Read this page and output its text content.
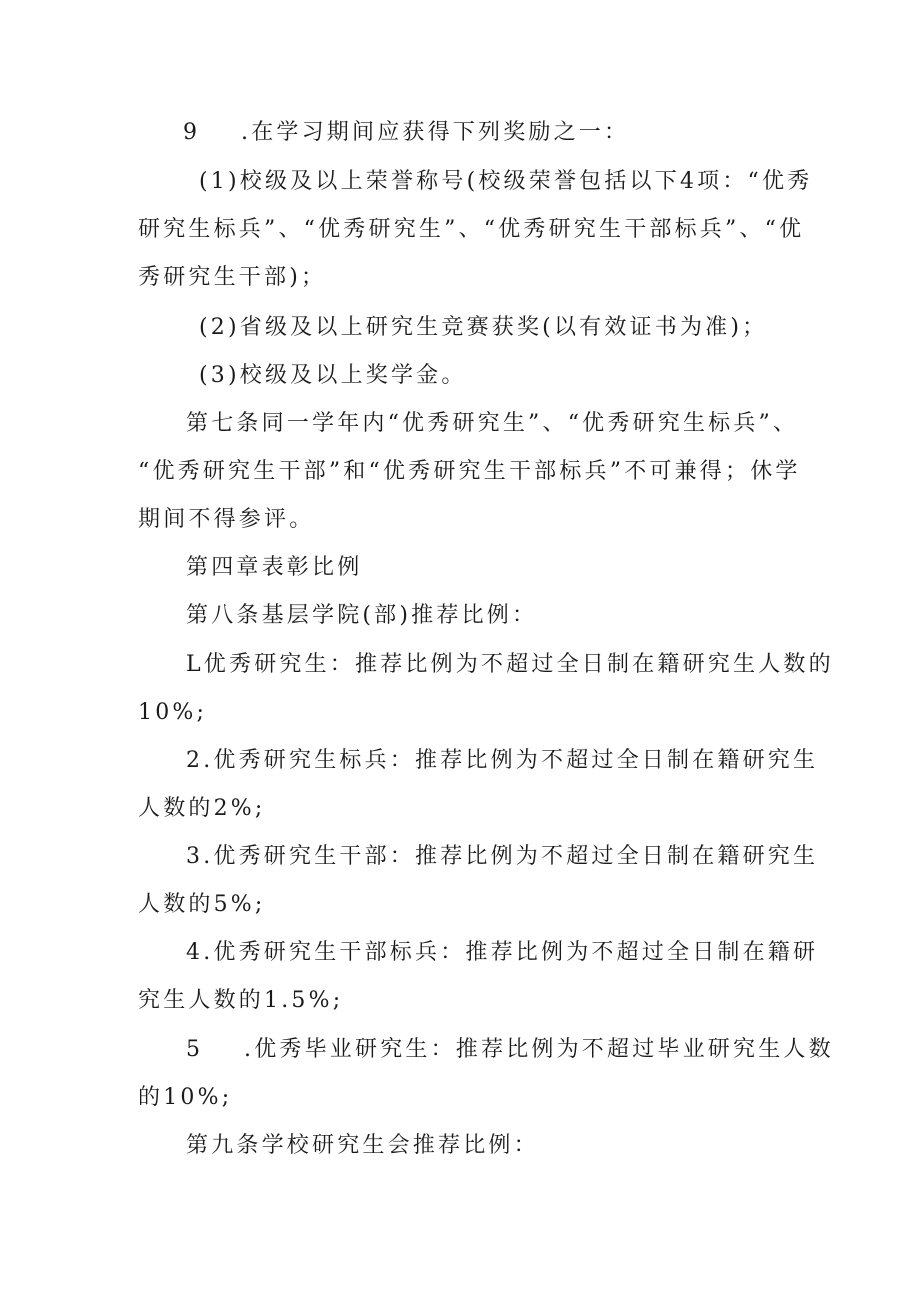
9 .在学习期间应获得下列奖励之一：

(1)校级及以上荣誉称号(校级荣誉包括以下4项：“优秀

研究生标兵”、“优秀研究生”、“优秀研究生干部标兵”、“优

秀研究生干部)；

(2)省级及以上研究生竞赛获奖(以有效证书为准)；

(3)校级及以上奖学金。

第七条同一学年内“优秀研究生”、“优秀研究生标兵”、

“优秀研究生干部”和“优秀研究生干部标兵”不可兼得；休学

期间不得参评。

第四章表彰比例

第八条基层学院(部)推荐比例：

L优秀研究生：推荐比例为不超过全日制在籍研究生人数的

10%;

2.优秀研究生标兵：推荐比例为不超过全日制在籍研究生

人数的2%;

3.优秀研究生干部：推荐比例为不超过全日制在籍研究生

人数的5%;

4.优秀研究生干部标兵：推荐比例为不超过全日制在籍研

究生人数的1.5%;

5 .优秀毕业研究生：推荐比例为不超过毕业研究生人数

的10%;

第九条学校研究生会推荐比例：
